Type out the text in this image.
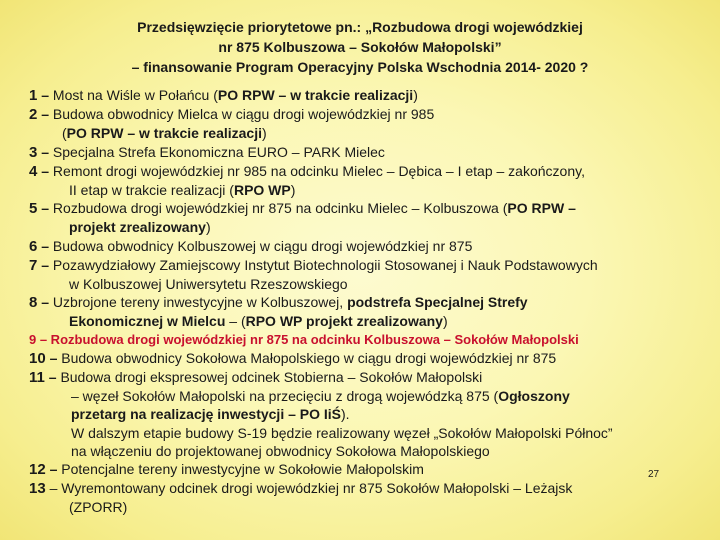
Przedsięwzięcie priorytetowe pn.: „Rozbudowa drogi wojewódzkiej
nr 875 Kolbuszowa – Sokołów Małopolski”
– finansowanie Program Operacyjny Polska Wschodnia 2014- 2020 ?
1 – Most na Wiśle w Połańcu (PO RPW – w trakcie realizacji)
2 – Budowa obwodnicy Mielca w ciągu drogi wojewódzkiej nr 985
(PO RPW – w trakcie realizacji)
3 – Specjalna Strefa Ekonomiczna EURO – PARK Mielec
4 – Remont drogi wojewódzkiej nr 985 na odcinku Mielec – Dębica – I etap – zakończony,
II etap w trakcie realizacji (RPO WP)
5 – Rozbudowa drogi wojewódzkiej nr 875 na odcinku Mielec – Kolbuszowa (PO RPW –
projekt zrealizowany)
6 – Budowa obwodnicy Kolbuszowej w ciągu drogi wojewódzkiej nr 875
7 – Pozawydziałowy Zamiejscowy Instytut Biotechnologii Stosowanej i Nauk Podstawowych
w Kolbuszowej Uniwersytetu Rzeszowskiego
8 – Uzbrojone tereny inwestycyjne w Kolbuszowej, podstrefa Specjalnej Strefy
Ekonomicznej w Mielcu – (RPO WP projekt zrealizowany)
9 – Rozbudowa drogi wojewódzkiej nr 875 na odcinku Kolbuszowa – Sokołów Małopolski
10 – Budowa obwodnicy Sokołowa Małopolskiego w ciągu drogi wojewódzkiej nr 875
11 – Budowa drogi ekspresowej odcinek Stobierna – Sokołów Małopolski
– węzeł Sokołów Małopolski na przecięciu z drogą wojewódzką 875 (Ogłoszony
przetarg na realizację inwestycji – PO IiŚ).
W dalszym etapie budowy S-19 będzie realizowany węzeł „Sokołów Małopolski Północ”
na włączeniu do projektowanej obwodnicy Sokołowa Małopolskiego
12 – Potencjalne tereny inwestycyjne w Sokołowie Małopolskim
13 – Wyremontowany odcinek drogi wojewódzkiej nr 875 Sokołów Małopolski – Leżajsk
(ZPORR)
27
